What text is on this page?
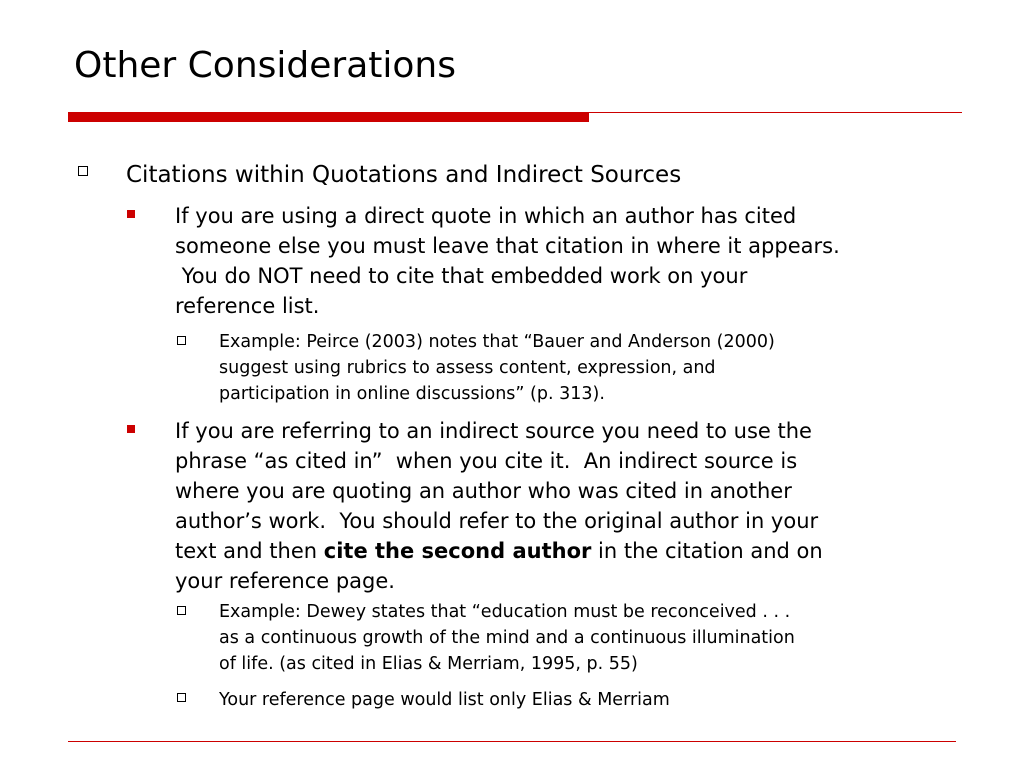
Other Considerations
Citations within Quotations and Indirect Sources
If you are using a direct quote in which an author has cited
someone else you must leave that citation in where it appears.
You do NOT need to cite that embedded work on your
reference list.
Example: Peirce (2003) notes that “Bauer and Anderson (2000)
suggest using rubrics to assess content, expression, and
participation in online discussions” (p. 313).
If you are referring to an indirect source you need to use the
phrase “as cited in”  when you cite it.  An indirect source is
where you are quoting an author who was cited in another
author’s work.  You should refer to the original author in your
text and then cite the second author in the citation and on
your reference page.
Example: Dewey states that “education must be reconceived . . .
as a continuous growth of the mind and a continuous illumination
of life. (as cited in Elias & Merriam, 1995, p. 55)
Your reference page would list only Elias & Merriam
